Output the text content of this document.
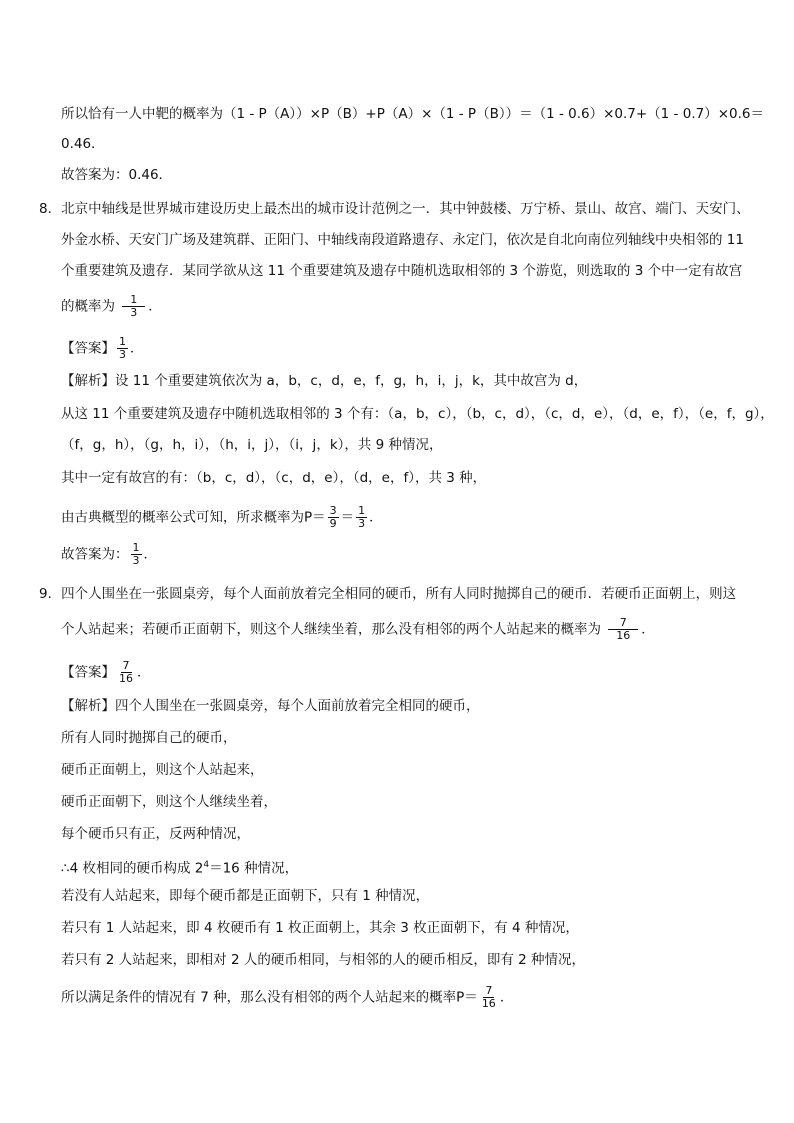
所以恰有一人中靶的概率为（1 - P（A））×P（B）+P（A）×（1 - P（B））＝（1 - 0.6）×0.7+（1 - 0.7）×0.6＝
0.46．
故答案为：0.46．
8．北京中轴线是世界城市建设历史上最杰出的城市设计范例之一．其中钟鼓楼、万宁桥、景山、故宫、端门、天安门、
外金水桥、天安门广场及建筑群、正阳门、中轴线南段道路遗存、永定门，依次是自北向南位列轴线中央相邻的 11
个重要建筑及遗存．某同学欲从这 11 个重要建筑及遗存中随机选取相邻的 3 个游览，则选取的 3 个中一定有故宫
的概率为 $\frac{1}{3}$ ．
【答案】 $\frac{1}{3}$ ．
【解析】设 11 个重要建筑依次为 a，b，c，d，e，f，g，h，i，j，k，其中故宫为 d，
从这 11 个重要建筑及遗存中随机选取相邻的 3 个有：（a，b，c），（b，c，d），（c，d，e），（d，e，f），（e，f，g），
（f，g，h），（g，h，i），（h，i，j），（i，j，k），共 9 种情况，
其中一定有故宫的有：（b，c，d），（c，d，e），（d，e，f），共 3 种，
由古典概型的概率公式可知，所求概率为$P= \frac{3}{9} = \frac{1}{3}$ ．
故答案为： $\frac{1}{3}$ ．
9．四个人围坐在一张圆桌旁，每个人面前放着完全相同的硬币，所有人同时抛掷自己的硬币．若硬币正面朝上，则这
个人站起来；若硬币正面朝下，则这个人继续坐着，那么没有相邻的两个人站起来的概率为 $\frac{7}{16}$ ．
【答案】 $\frac{7}{16}$ ．
【解析】四个人围坐在一张圆桌旁，每个人面前放着完全相同的硬币，
所有人同时抛掷自己的硬币，
硬币正面朝上，则这个人站起来，
硬币正面朝下，则这个人继续坐着，
每个硬币只有正，反两种情况，
∴4 枚相同的硬币构成 $2^4=16$ 种情况，
若没有人站起来，即每个硬币都是正面朝下，只有 1 种情况，
若只有 1 人站起来，即 4 枚硬币有 1 枚正面朝上，其余 3 枚正面朝下，有 4 种情况，
若只有 2 人站起来，即相对 2 人的硬币相同，与相邻的人的硬币相反，即有 2 种情况，
所以满足条件的情况有 7 种，那么没有相邻的两个人站起来的概率$P= \frac{7}{16}$ ．
